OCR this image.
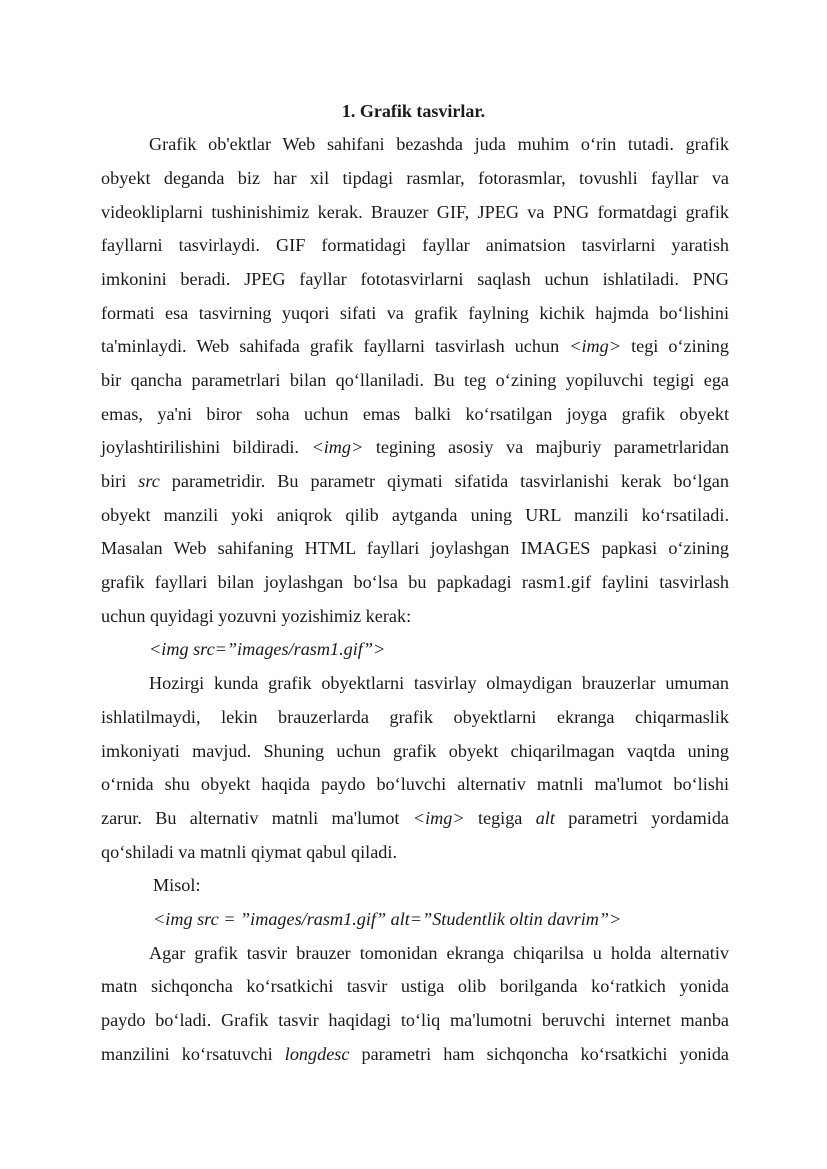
1. Grafik tasvirlar.
Grafik ob'ektlar Web sahifani bezashda juda muhim o‘rin tutadi. grafik
obyekt deganda biz har xil tipdagi rasmlar, fotorasmlar, tovushli fayllar va
videokliplarni tushinishimiz kerak. Brauzer GIF, JPEG va PNG formatdagi grafik
fayllarni tasvirlaydi. GIF formatidagi fayllar animatsion tasvirlarni yaratish
imkonini beradi. JPEG fayllar fototasvirlarni saqlash uchun ishlatiladi. PNG
formati esa tasvirning yuqori sifati va grafik faylning kichik hajmda bo‘lishini
ta'minlaydi. Web sahifada grafik fayllarni tasvirlash uchun <img> tegi o‘zining
bir qancha parametrlari bilan qo‘llaniladi. Bu teg o‘zining yopiluvchi tegigi ega
emas, ya'ni biror soha uchun emas balki ko‘rsatilgan joyga grafik obyekt
joylashtirilishini bildiradi. <img> tegining asosiy va majburiy parametrlaridan
biri src parametridir. Bu parametr qiymati sifatida tasvirlanishi kerak bo‘lgan
obyekt manzili yoki aniqrok qilib aytganda uning URL manzili ko‘rsatiladi.
Masalan Web sahifaning HTML fayllari joylashgan IMAGES papkasi o‘zining
grafik fayllari bilan joylashgan bo‘lsa bu papkadagi rasm1.gif faylini tasvirlash
uchun quyidagi yozuvni yozishimiz kerak:
<img src=”images/rasm1.gif”>
Hozirgi kunda grafik obyektlarni tasvirlay olmaydigan brauzerlar umuman
ishlatilmaydi, lekin brauzerlarda grafik obyektlarni ekranga chiqarmaslik
imkoniyati mavjud. Shuning uchun grafik obyekt chiqarilmagan vaqtda uning
o‘rnida shu obyekt haqida paydo bo‘luvchi alternativ matnli ma'lumot bo‘lishi
zarur. Bu alternativ matnli ma'lumot <img> tegiga alt parametri yordamida
qo‘shiladi va matnli qiymat qabul qiladi.
Misol:
<img src = ”images/rasm1.gif” alt=”Studentlik oltin davrim”>
Agar grafik tasvir brauzer tomonidan ekranga chiqarilsa u holda alternativ
matn sichqoncha ko‘rsatkichi tasvir ustiga olib borilganda ko‘ratkich yonida
paydo bo‘ladi. Grafik tasvir haqidagi to‘liq ma'lumotni beruvchi internet manba
manzilini ko‘rsatuvchi longdesc parametri ham sichqoncha ko‘rsatkichi yonida
